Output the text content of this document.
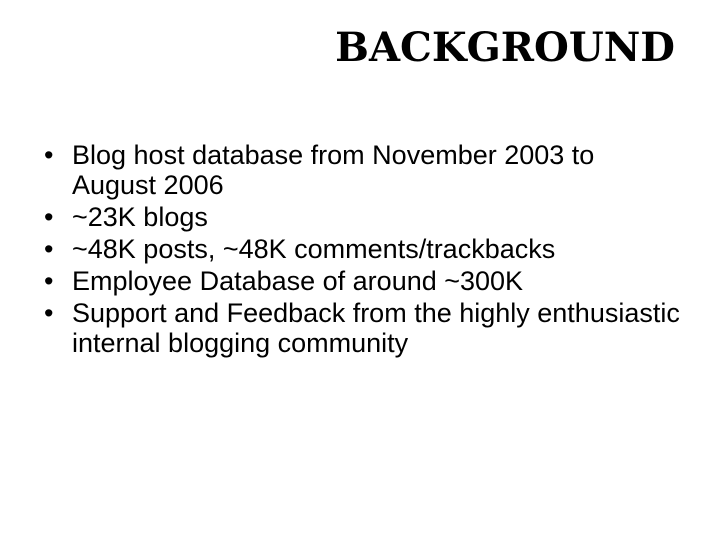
BACKGROUND
• Blog host database from November 2003 to August 2006
• ~23K blogs
• ~48K posts, ~48K comments/trackbacks
• Employee Database of around ~300K
• Support and Feedback from the highly enthusiastic internal blogging community
